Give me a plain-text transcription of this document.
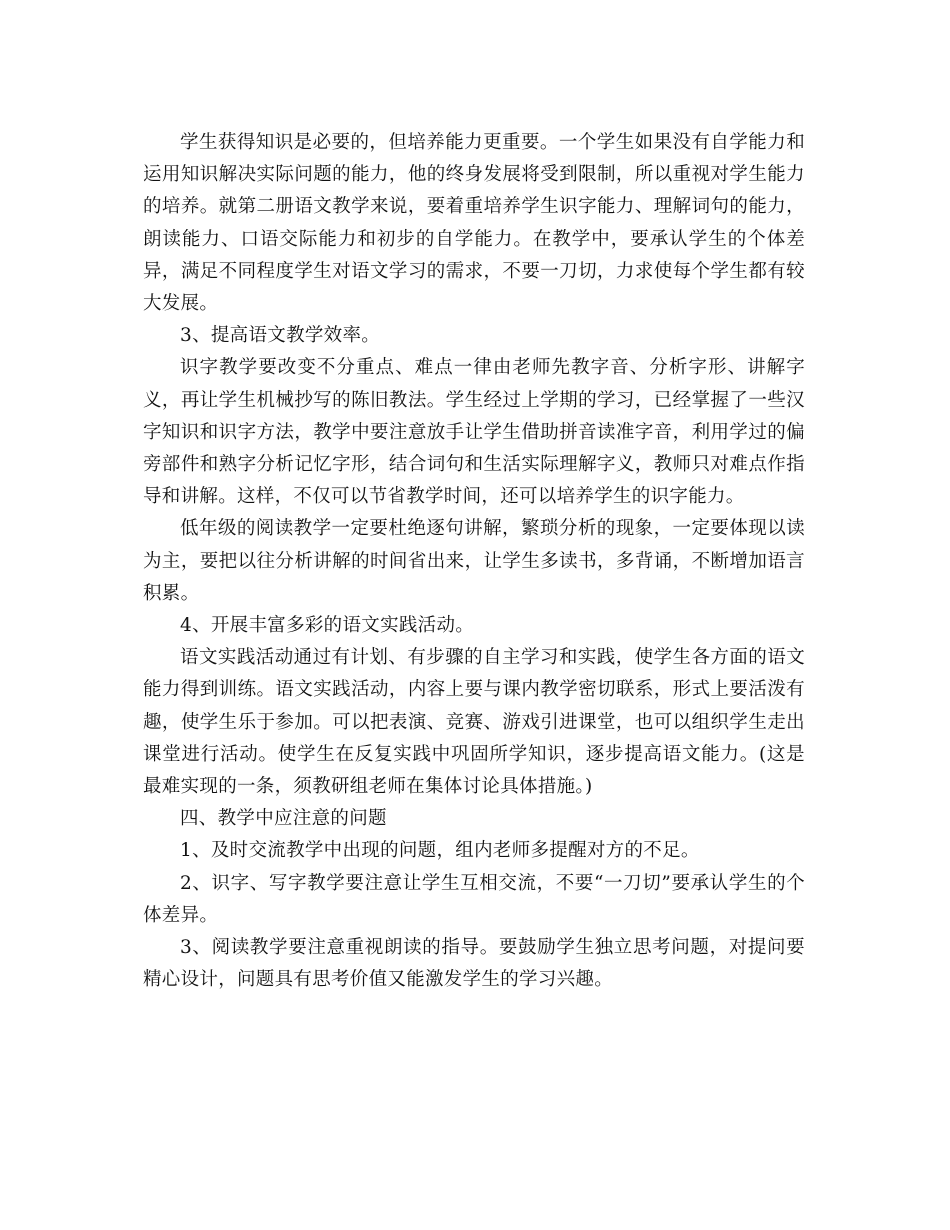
学生获得知识是必要的，但培养能力更重要。一个学生如果没有自学能力和运用知识解决实际问题的能力，他的终身发展将受到限制，所以重视对学生能力的培养。就第二册语文教学来说，要着重培养学生识字能力、理解词句的能力，朗读能力、口语交际能力和初步的自学能力。在教学中，要承认学生的个体差异，满足不同程度学生对语文学习的需求，不要一刀切，力求使每个学生都有较大发展。

3、提高语文教学效率。

识字教学要改变不分重点、难点一律由老师先教字音、分析字形、讲解字义，再让学生机械抄写的陈旧教法。学生经过上学期的学习，已经掌握了一些汉字知识和识字方法，教学中要注意放手让学生借助拼音读准字音，利用学过的偏旁部件和熟字分析记忆字形，结合词句和生活实际理解字义，教师只对难点作指导和讲解。这样，不仅可以节省教学时间，还可以培养学生的识字能力。

低年级的阅读教学一定要杜绝逐句讲解，繁琐分析的现象，一定要体现以读为主，要把以往分析讲解的时间省出来，让学生多读书，多背诵，不断增加语言积累。

4、开展丰富多彩的语文实践活动。

语文实践活动通过有计划、有步骤的自主学习和实践，使学生各方面的语文能力得到训练。语文实践活动，内容上要与课内教学密切联系，形式上要活泼有趣，使学生乐于参加。可以把表演、竞赛、游戏引进课堂，也可以组织学生走出课堂进行活动。使学生在反复实践中巩固所学知识，逐步提高语文能力。(这是最难实现的一条，须教研组老师在集体讨论具体措施。)

四、教学中应注意的问题

1、及时交流教学中出现的问题，组内老师多提醒对方的不足。

2、识字、写字教学要注意让学生互相交流，不要“一刀切”要承认学生的个体差异。

3、阅读教学要注意重视朗读的指导。要鼓励学生独立思考问题，对提问要精心设计，问题具有思考价值又能激发学生的学习兴趣。
